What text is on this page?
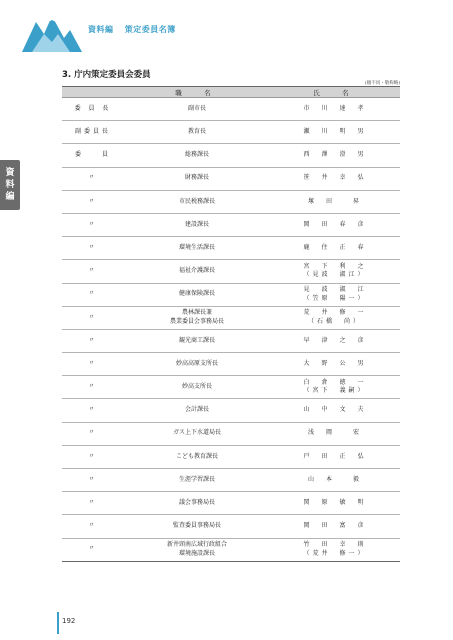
資料編 策定委員名簿
資
料
編
3. 庁内策定委員会委員
(順不同・敬称略)
	職　名	氏　名

委 員 長	副市長	市　川　達　孝

副委員長	教育長	瀬　川　明　男

委　　員	総務課長	西　澤　澄　男

〃	財務課長	笹　井　幸　弘

〃	市民税務課長	塚　田　　昇

〃	建設課長	岡　田　春　彦

〃	環境生活課長	鹿　住　正　春

〃	福祉介護課長	宮　下　利　之
（見波　淑江）

〃	健康保険課長	見　波　淑　江
（笠原　陽一）

〃	農林課長兼
農業委員会事務局長	荒　井　修　一
（石橋　尚）

〃	観光商工課長	早　津　之　彦

〃	妙高高原支所長	大　野　公　男

〃	妙高支所長	白　倉　徳　一
（宮下　義嗣）

〃	会計課長	山　中　文　夫

〃	ガス上下水道局長	浅　岡　　宏

〃	こども教育課長	戸　田　正　弘

〃	生涯学習課長	山　本　　毅

〃	議会事務局長	関　原　敏　明

〃	監査委員事務局長	岡　田　富　彦

〃	新井頸南広域行政組合
環境施設課長	竹　田　幸　則
（荒井　修一）
192
